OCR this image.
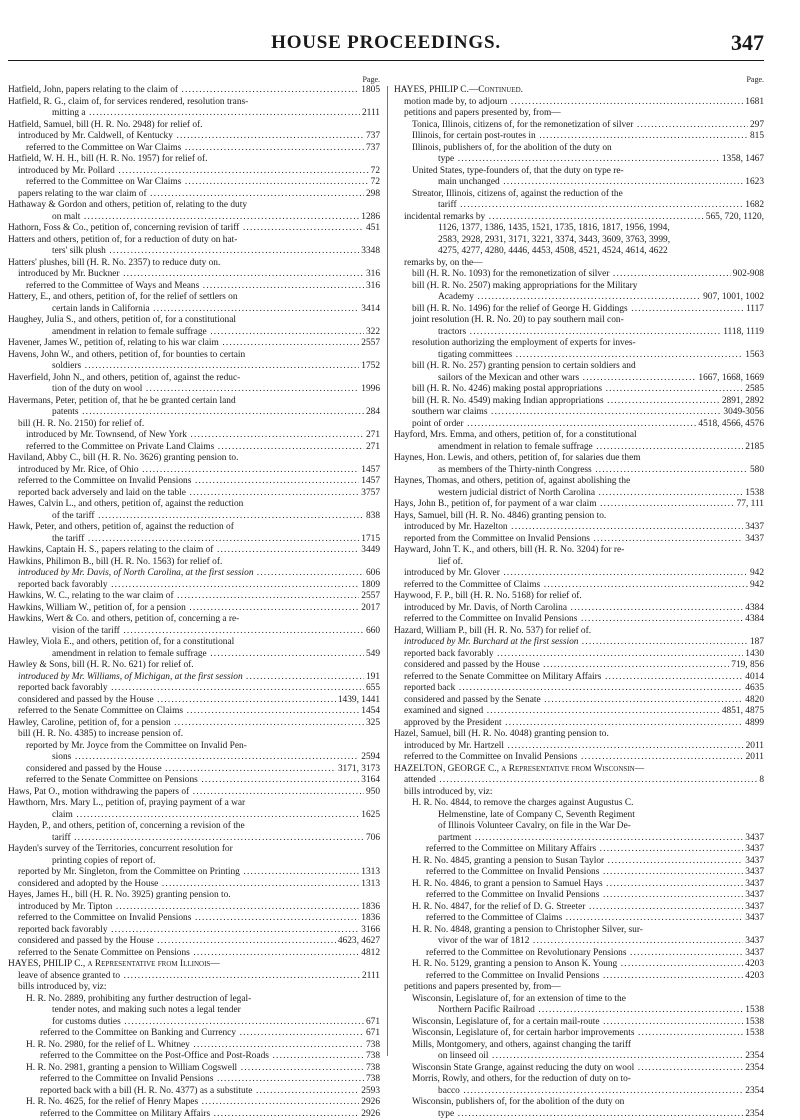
HOUSE PROCEEDINGS.	347
Page.
Hatfield, John, papers relating to the claim of .....	1805
Hatfield, R. G., claim of, for services rendered, resolution trans-
mitting a .....	2111
Hatfield, Samuel, bill (H. R. No. 2948) for relief of.
introduced by Mr. Caldwell, of Kentucky .....	737
referred to the Committee on War Claims .....	737
Hatfield, W. H. H., bill (H. R. No. 1957) for relief of.
introduced by Mr. Pollard .....	72
referred to the Committee on War Claims .....	72
papers relating to the war claim of .....	298
Hathaway & Gordon and others, petition of, relating to the duty
on malt .....	1286
Hathorn, Foss & Co., petition of, concerning revision of tariff .....	451
Hatters and others, petition of, for a reduction of duty on hat-
ters' silk plush .....	3348
Hatters' plushes, bill (H. R. No. 2357) to reduce duty on.
introduced by Mr. Buckner .....	316
referred to the Committee of Ways and Means .....	316
Hattery, E., and others, petition of, for the relief of settlers on
certain lands in California .....	3414
Haughey, Julia S., and others, petition of, for a constitutional
amendment in relation to female suffrage .....	322
Havener, James W., petition of, relating to his war claim .....	2557
Havens, John W., and others, petition of, for bounties to certain
soldiers .....	1752
Haverfield, John N., and others, petition of, against the reduc-
tion of the duty on wool .....	1996
Havermans, Peter, petition of, that he be granted certain land
patents .....	284
bill (H. R. No. 2150) for relief of.
introduced by Mr. Townsend, of New York .....	271
referred to the Committee on Private Land Claims .....	271
Haviland, Abby C., bill (H. R. No. 3626) granting pension to.
introduced by Mr. Rice, of Ohio .....	1457
referred to the Committee on Invalid Pensions .....	1457
reported back adversely and laid on the table .....	3757
Hawes, Calvin L., and others, petition of, against the reduction
of the tariff .....	838
Hawk, Peter, and others, petition of, against the reduction of
the tariff .....	1715
Hawkins, Captain H. S., papers relating to the claim of .....	3449
Hawkins, Philimon B., bill (H. R. No. 1563) for relief of.
introduced by Mr. Davis, of North Carolina, at the first session .....	606
reported back favorably .....	1809
Hawkins, W. C., relating to the war claim of .....	2557
Hawkins, William W., petition of, for a pension .....	2017
Hawkins, Wert & Co. and others, petition of, concerning a re-
vision of the tariff .....	660
Hawley, Viola E., and others, petition of, for a constitutional
amendment in relation to female suffrage .....	549
Hawley & Sons, bill (H. R. No. 621) for relief of.
introduced by Mr. Williams, of Michigan, at the first session .....	191
reported back favorably .....	655
considered and passed by the House .....	1439, 1441
referred to the Senate Committee on Claims .....	1454
Hawley, Caroline, petition of, for a pension .....	325
bill (H. R. No. 4385) to increase pension of.
reported by Mr. Joyce from the Committee on Invalid Pen-
sions .....	2594
considered and passed by the House .....	3171, 3173
referred to the Senate Committee on Pensions .....	3164
Haws, Pat O., motion withdrawing the papers of .....	950
Hawthorn, Mrs. Mary L., petition of, praying payment of a war
claim .....	1625
Hayden, P., and others, petition of, concerning a revision of the
tariff .....	706
Hayden's survey of the Territories, concurrent resolution for
printing copies of report of.
reported by Mr. Singleton, from the Committee on Printing .....	1313
considered and adopted by the House .....	1313
Hayes, James H., bill (H. R. No. 3925) granting pension to.
introduced by Mr. Tipton .....	1836
referred to the Committee on Invalid Pensions .....	1836
reported back favorably .....	3166
considered and passed by the House .....	4623, 4627
referred to the Senate Committee on Pensions .....	4812
HAYES, PHILIP C., a Representative from Illinois—
leave of absence granted to .....	2111
bills introduced by, viz:
H. R. No. 2889, prohibiting any further destruction of legal-
tender notes, and making such notes a legal tender
for customs duties .....	671
referred to the Committee on Banking and Currency .....	671
H. R. No. 2980, for the relief of L. Whitney .....	738
referred to the Committee on the Post-Office and Post-Roads .....	738
H. R. No. 2981, granting a pension to William Cogswell .....	738
referred to the Committee on Invalid Pensions .....	738
reported back with a bill (H. R. No. 4377) as a substitute .....	2593
H. R. No. 4625, for the relief of Henry Mapes .....	2926
referred to the Committee on Military Affairs .....	2926
Page.
HAYES, PHILIP C.—Continued.
motion made by, to adjourn .....	1681
petitions and papers presented by, from—
Tonica, Illinois, citizens of, for the remonetization of silver .....	297
Illinois, for certain post-routes in .....	815
Illinois, publishers of, for the abolition of the duty on
type .....	1358, 1467
United States, type-founders of, that the duty on type re-
main unchanged .....	1623
Streator, Illinois, citizens of, against the reduction of the
tariff .....	1682
incidental remarks by .....	565, 720, 1120,
1126, 1377, 1386, 1435, 1521, 1735, 1816, 1817, 1956, 1994,
2583, 2928, 2931, 3171, 3221, 3374, 3443, 3609, 3763, 3999,
4275, 4277, 4280, 4446, 4453, 4508, 4521, 4524, 4614, 4622
remarks by, on the—
bill (H. R. No. 1093) for the remonetization of silver .....	902-908
bill (H. R. No. 2507) making appropriations for the Military
Academy .....	907, 1001, 1002
bill (H. R. No. 1496) for the relief of George H. Giddings .....	1117
joint resolution (H. R. No. 20) to pay southern mail con-
tractors .....	1118, 1119
resolution authorizing the employment of experts for inves-
tigating committees .....	1563
bill (H. R. No. 257) granting pension to certain soldiers and
sailors of the Mexican and other wars .....	1667, 1668, 1669
bill (H. R. No. 4246) making postal appropriations .....	2585
bill (H. R. No. 4549) making Indian appropriations .....	2891, 2892
southern war claims .....	3049-3056
point of order .....	4518, 4566, 4576
Hayford, Mrs. Emma, and others, petition of, for a constitutional
amendment in relation to female suffrage .....	2185
Haynes, Hon. Lewis, and others, petition of, for salaries due them
as members of the Thirty-ninth Congress .....	580
Haynes, Thomas, and others, petition of, against abolishing the
western judicial district of North Carolina .....	1538
Hays, John B., petition of, for payment of a war claim .....	77, 111
Hays, Samuel, bill (H. R. No. 4846) granting pension to.
introduced by Mr. Hazelton .....	3437
reported from the Committee on Invalid Pensions .....	3437
Hayward, John T. K., and others, bill (H. R. No. 3204) for re-
lief of.
introduced by Mr. Glover .....	942
referred to the Committee of Claims .....	942
Haywood, F. P., bill (H. R. No. 5168) for relief of.
introduced by Mr. Davis, of North Carolina .....	4384
referred to the Committee on Invalid Pensions .....	4384
Hazard, William P., bill (H. R. No. 537) for relief of.
introduced by Mr. Burchard at the first session .....	187
reported back favorably .....	1430
considered and passed by the House .....	719, 856
referred to the Senate Committee on Military Affairs .....	4014
reported back .....	4635
considered and passed by the Senate .....	4820
examined and signed .....	4851, 4875
approved by the President .....	4899
Hazel, Samuel, bill (H. R. No. 4048) granting pension to.
introduced by Mr. Hartzell .....	2011
referred to the Committee on Invalid Pensions .....	2011
HAZELTON, GEORGE C., a Representative from Wisconsin—
attended .....	8
bills introduced by, viz:
H. R. No. 4844, to remove the charges against Augustus C.
Helmenstine, late of Company C, Seventh Regiment
of Illinois Volunteer Cavalry, on file in the War De-
partment .....	3437
referred to the Committee on Military Affairs .....	3437
H. R. No. 4845, granting a pension to Susan Taylor .....	3437
referred to the Committee on Invalid Pensions .....	3437
H. R. No. 4846, to grant a pension to Samuel Hays .....	3437
referred to the Committee on Invalid Pensions .....	3437
H. R. No. 4847, for the relief of D. G. Streeter .....	3437
referred to the Committee of Claims .....	3437
H. R. No. 4848, granting a pension to Christopher Silver, sur-
vivor of the war of 1812 .....	3437
referred to the Committee on Revolutionary Pensions .....	3437
H. R. No. 5129, granting a pension to Anson K. Young .....	4203
referred to the Committee on Invalid Pensions .....	4203
petitions and papers presented by, from—
Wisconsin, Legislature of, for an extension of time to the
Northern Pacific Railroad .....	1538
Wisconsin, Legislature of, for a certain mail-route .....	1538
Wisconsin, Legislature of, for certain harbor improvements .....	1538
Mills, Montgomery, and others, against changing the tariff
on linseed oil .....	2354
Wisconsin State Grange, against reducing the duty on wool .....	2354
Morris, Rowly, and others, for the reduction of duty on to-
bacco .....	2354
Wisconsin, publishers of, for the abolition of the duty on
type .....	2354
